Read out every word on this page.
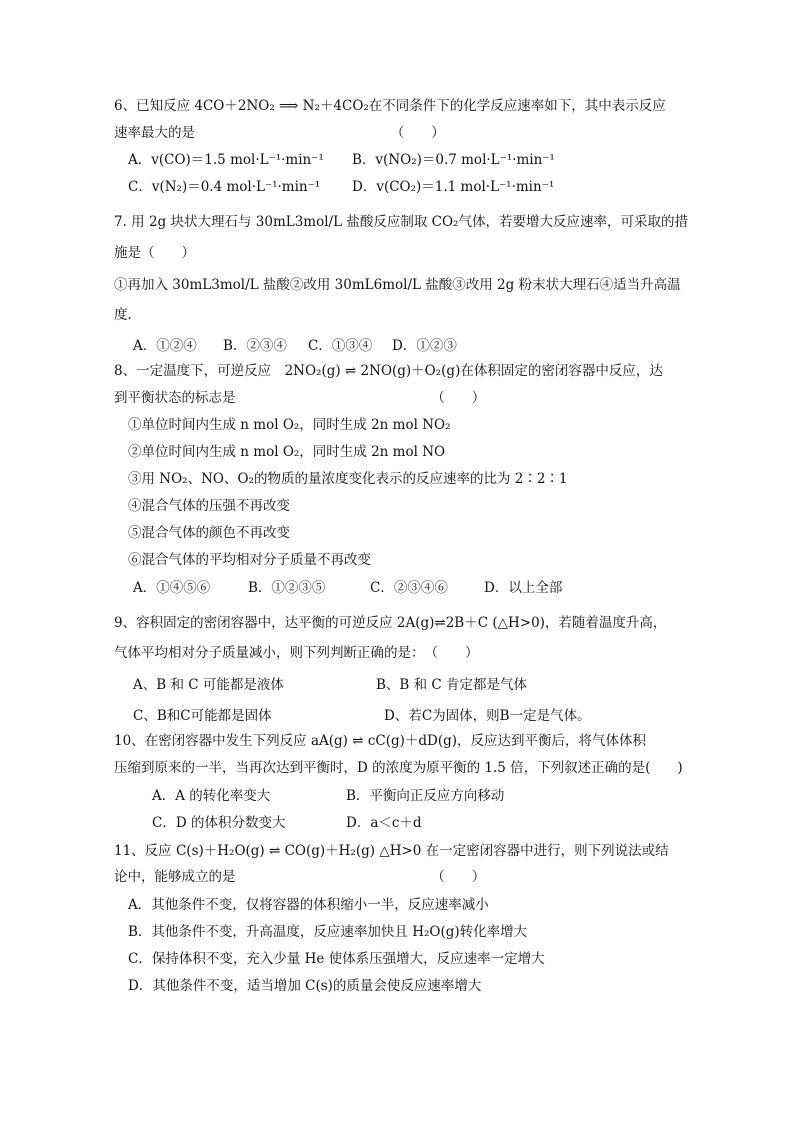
6、已知反应 4CO＋2NO₂ ⟹ N₂＋4CO₂在不同条件下的化学反应速率如下，其中表示反应
速率最大的是　　　　　　　　　　　　　　　（　　）
A．v(CO)＝1.5 mol·L⁻¹·min⁻¹ B．v(NO₂)＝0.7 mol·L⁻¹·min⁻¹
C．v(N₂)＝0.4 mol·L⁻¹·min⁻¹ D．v(CO₂)＝1.1 mol·L⁻¹·min⁻¹
7. 用 2g 块状大理石与 30mL3mol/L 盐酸反应制取 CO₂气体，若要增大反应速率，可采取的措
施是（　　）
①再加入 30mL3mol/L 盐酸②改用 30mL6mol/L 盐酸③改用 2g 粉末状大理石④适当升高温
度.
A．①②④ B．②③④ C．①③④ D．①②③
8、一定温度下，可逆反应　2NO₂(g) ⇌ 2NO(g)＋O₂(g)在体积固定的密闭容器中反应，达
到平衡状态的标志是　　　　　　　　　　　　　　　（　　）
①单位时间内生成 n mol O₂，同时生成 2n mol NO₂
②单位时间内生成 n mol O₂，同时生成 2n mol NO
③用 NO₂、NO、O₂的物质的量浓度变化表示的反应速率的比为 2∶2∶1
④混合气体的压强不再改变
⑤混合气体的颜色不再改变
⑥混合气体的平均相对分子质量不再改变
A．①④⑤⑥	B．①②③⑤	C．②③④⑥	D．以上全部
9、容积固定的密闭容器中，达平衡的可逆反应 2A(g)⇌2B＋C (△H>0)，若随着温度升高，
气体平均相对分子质量减小，则下列判断正确的是：　（　　）
A、B 和 C 可能都是液体	B、B 和 C 肯定都是气体
C、B和C可能都是固体	D、若C为固体，则B一定是气体。
10、在密闭容器中发生下列反应 aA(g) ⇌ cC(g)＋dD(g)，反应达到平衡后，将气体体积
压缩到原来的一半，当再次达到平衡时，D 的浓度为原平衡的 1.5 倍，下列叙述正确的是(　　)
A．A 的转化率变大	B．平衡向正反应方向移动
C．D 的体积分数变大	D．a＜c＋d
11、反应 C(s)＋H₂O(g) ⇌ CO(g)＋H₂(g) △H>0 在一定密闭容器中进行，则下列说法或结
论中，能够成立的是　　　　　　　　　　　　　　　（　　）
A．其他条件不变，仅将容器的体积缩小一半，反应速率减小
B．其他条件不变，升高温度，反应速率加快且 H₂O(g)转化率增大
C．保持体积不变，充入少量 He 使体系压强增大，反应速率一定增大
D．其他条件不变，适当增加 C(s)的质量会使反应速率增大
